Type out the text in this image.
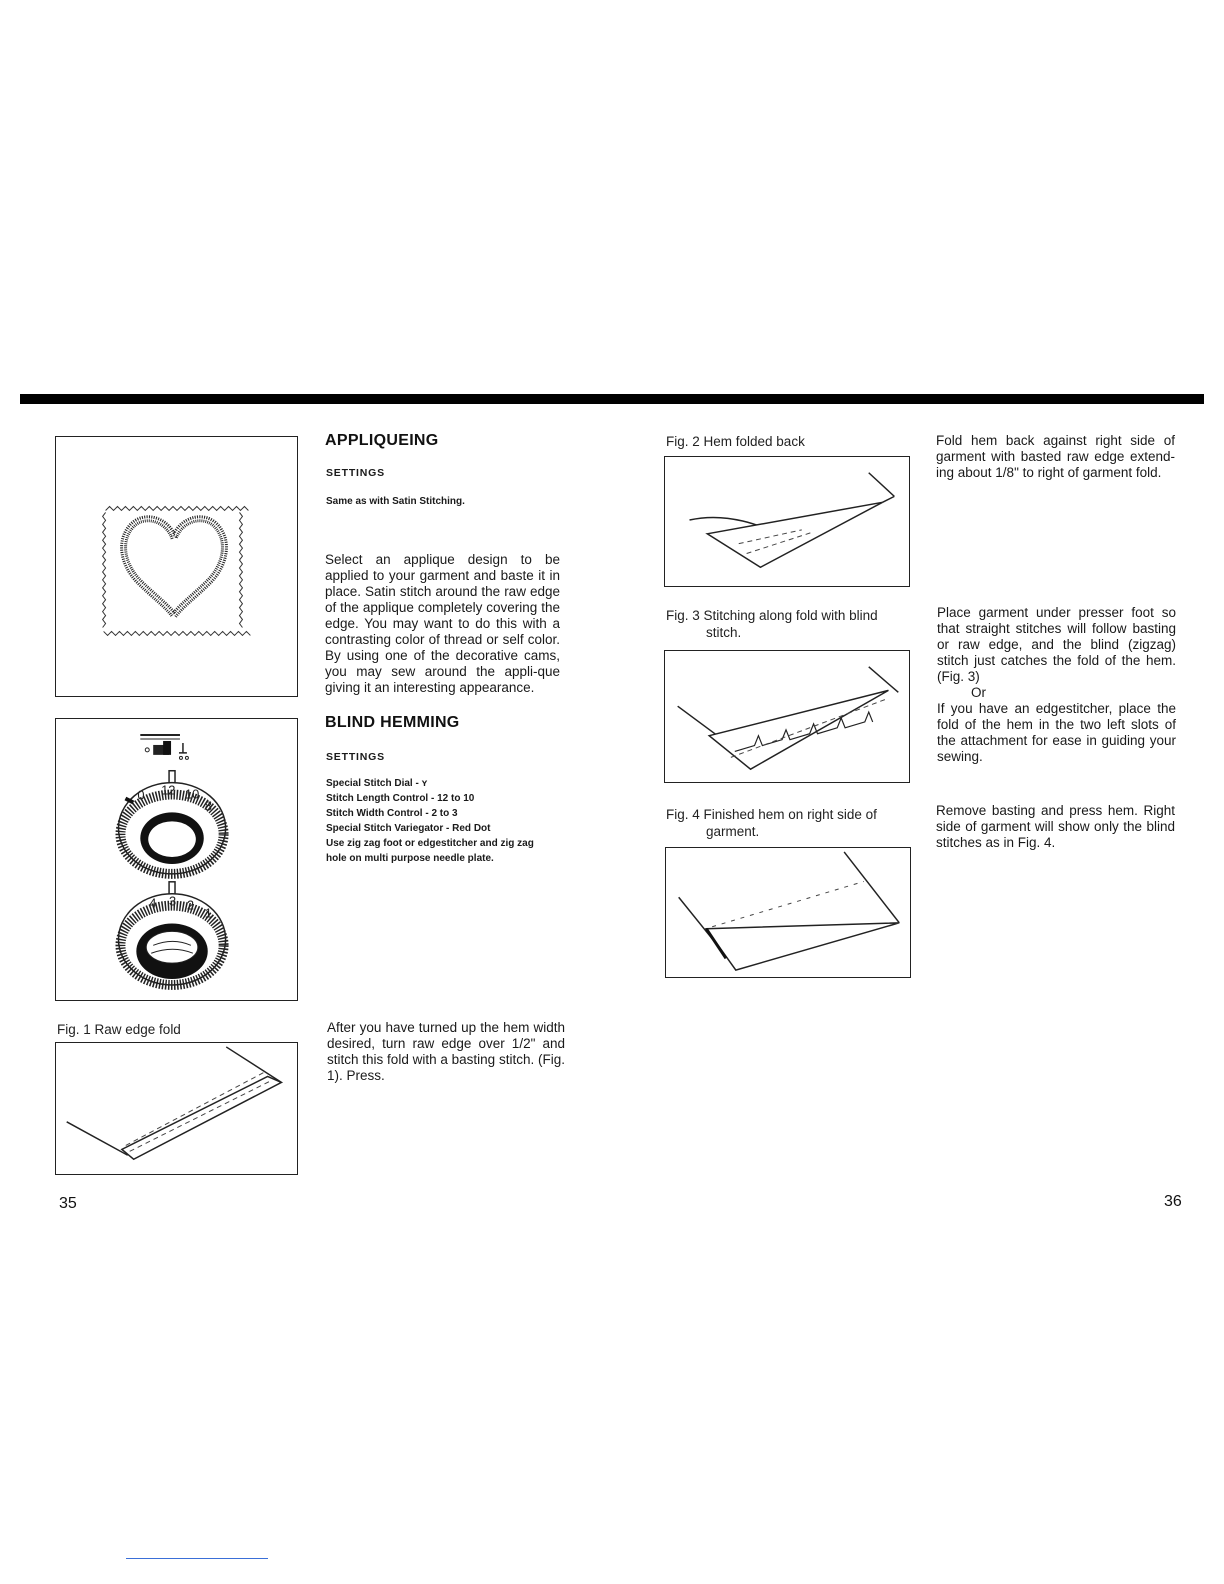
0 12 10
8
4 3 2
1
Fig. 1 Raw edge fold
35
APPLIQUEING
SETTINGS
Same as with Satin Stitching.
Select an applique design to be applied to your garment and baste it in place. Satin stitch around the raw edge of the applique completely covering the edge. You may want to do this with a contrasting color of thread or self color. By using one of the decorative cams, you may sew around the appli-que giving it an interesting appearance.
BLIND HEMMING
SETTINGS
Special Stitch Dial - ʏ
Stitch Length Control - 12 to 10
Stitch Width Control - 2 to 3
Special Stitch Variegator - Red Dot
Use zig zag foot or edgestitcher and zig zag
hole on multi purpose needle plate.
After you have turned up the hem width desired, turn raw edge over 1/2" and stitch this fold with a basting stitch. (Fig. 1). Press.
Fig. 2 Hem folded back
Fig. 3 Stitching along fold with blind

stitch.
Fig. 4 Finished hem on right side of

garment.
Fold hem back against right side of garment with basted raw edge extend-ing about 1/8" to right of garment fold.

Place garment under presser foot so that straight stitches will follow basting or raw edge, and the blind (zigzag) stitch just catches the fold of the hem. (Fig. 3)

Or

If you have an edgestitcher, place the fold of the hem in the two left slots of the attachment for ease in guiding your sewing.

Remove basting and press hem. Right side of garment will show only the blind stitches as in Fig. 4.
36
